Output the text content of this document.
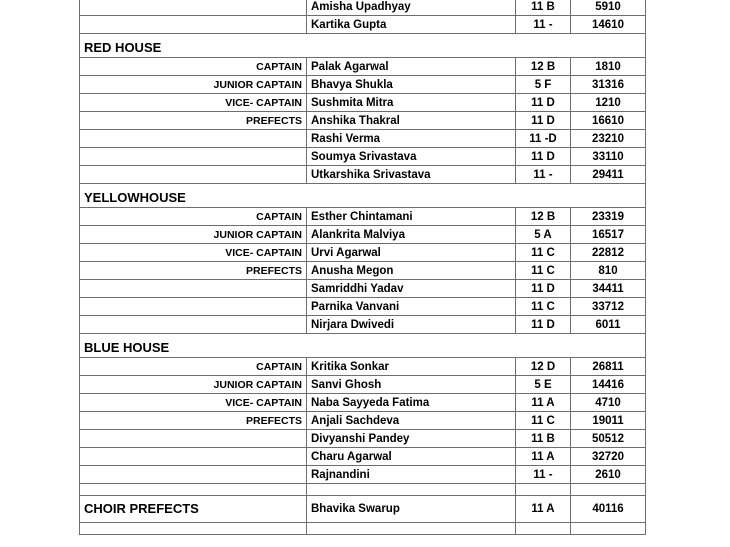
	Amisha Upadhyay	11 B	5910
	Kartika Gupta	11 -	14610
RED HOUSE			
CAPTAIN	Palak Agarwal	12 B	1810
JUNIOR CAPTAIN	Bhavya Shukla	5 F	31316
VICE- CAPTAIN	Sushmita Mitra	11 D	1210
PREFECTS	Anshika Thakral	11 D	16610
	Rashi Verma	11 -D	23210
	Soumya Srivastava	11 D	33110
	Utkarshika Srivastava	11 -	29411
YELLOWHOUSE			
CAPTAIN	Esther Chintamani	12 B	23319
JUNIOR CAPTAIN	Alankrita Malviya	5 A	16517
VICE- CAPTAIN	Urvi Agarwal	11 C	22812
PREFECTS	Anusha Megon	11 C	810
	Samriddhi Yadav	11 D	34411
	Parnika Vanvani	11 C	33712
	Nirjara Dwivedi	11 D	6011
BLUE HOUSE			
CAPTAIN	Kritika Sonkar	12 D	26811
JUNIOR CAPTAIN	Sanvi Ghosh	5 E	14416
VICE- CAPTAIN	Naba Sayyeda Fatima	11 A	4710
PREFECTS	Anjali Sachdeva	11 C	19011
	Divyanshi Pandey	11 B	50512
	Charu Agarwal	11 A	32720
	Rajnandini	11 -	2610

CHOIR PREFECTS	Bhavika Swarup	11 A	40116
